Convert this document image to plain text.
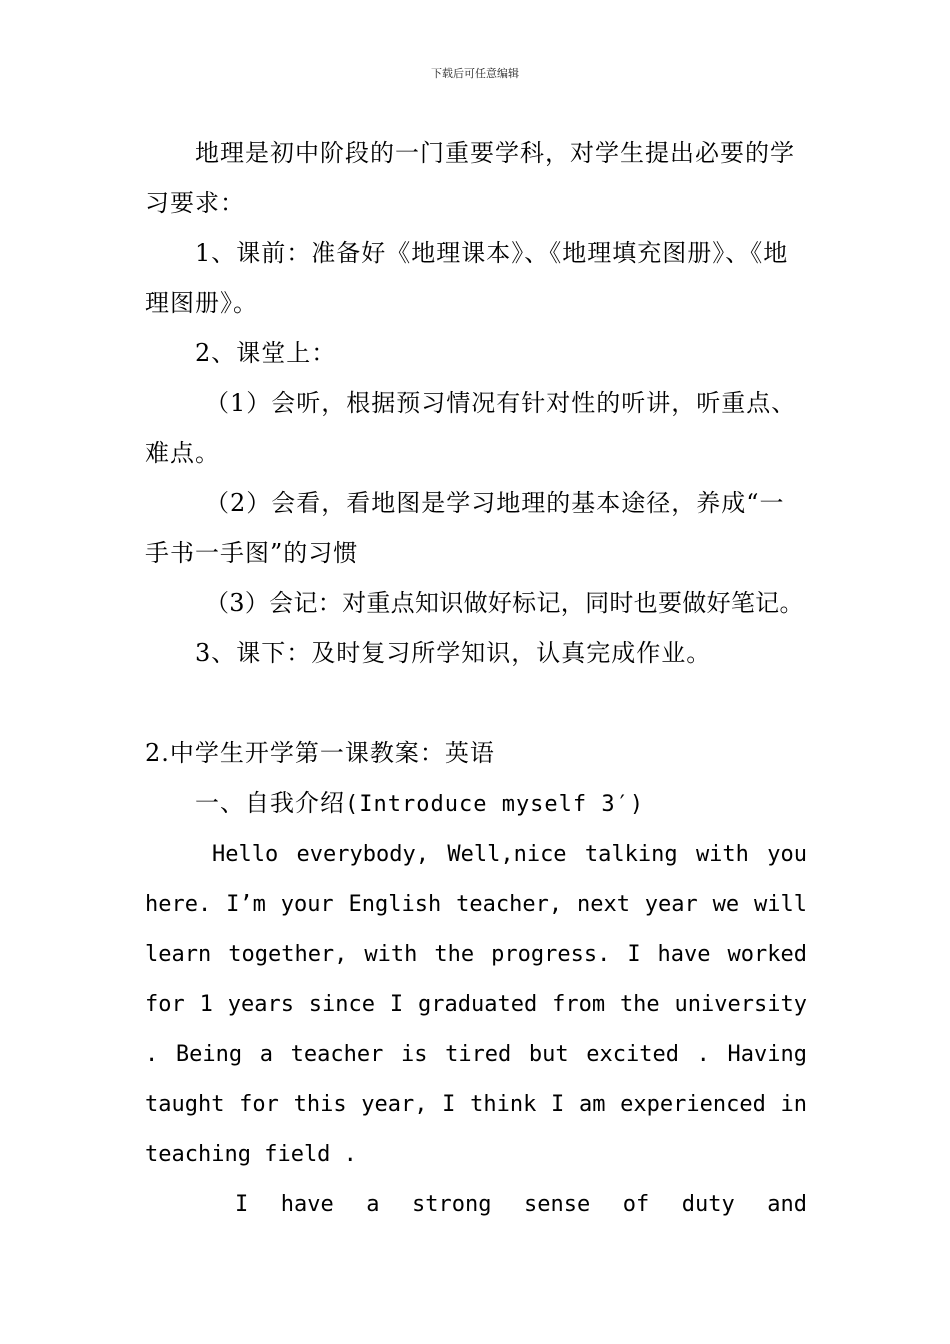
下载后可任意编辑

地理是初中阶段的一门重要学科，对学生提出必要的学习要求：

1、课前：准备好《地理课本》、《地理填充图册》、《地理图册》。

2、课堂上：

（1）会听，根据预习情况有针对性的听讲，听重点、难点。

（2）会看，看地图是学习地理的基本途径，养成“一手书一手图”的习惯

（3）会记：对重点知识做好标记，同时也要做好笔记。

3、课下：及时复习所学知识，认真完成作业。

2.中学生开学第一课教案：英语

一、自我介绍(Introduce myself 3′)

Hello everybody, Well,nice talking with you here. I’m your English teacher, next year we will learn together, with the progress. I have worked for 1 years since I graduated from the university . Being a teacher is tired but excited . Having taught for this year, I think I am experienced in teaching field .

I have a strong sense of duty and
